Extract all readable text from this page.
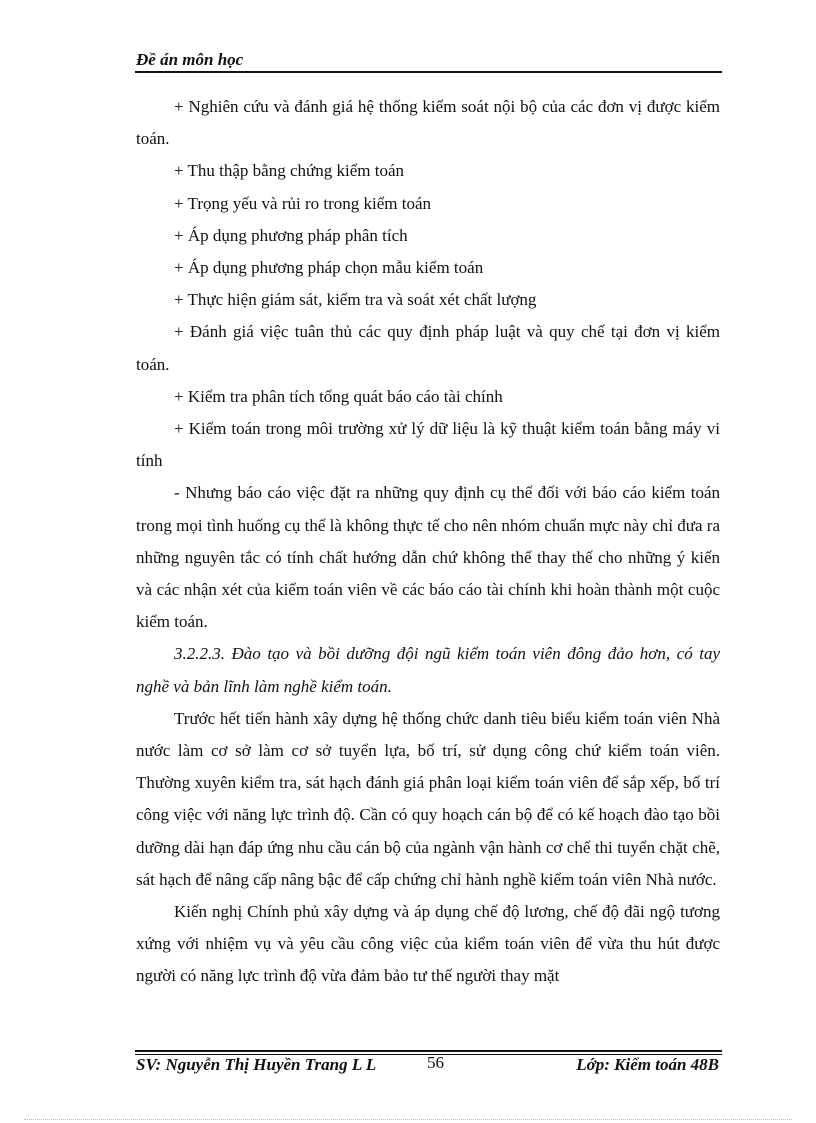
Đề án môn học

+ Nghiên cứu và đánh giá hệ thống kiểm soát nội bộ của các đơn vị được kiểm toán.

+ Thu thập bằng chứng kiểm toán

+ Trọng yếu và rủi ro trong kiểm toán

+ Áp dụng phương pháp phân tích

+ Áp dụng phương pháp chọn mẫu kiểm toán

+ Thực hiện giám sát, kiểm tra và soát xét chất lượng

+ Đánh giá việc tuân thủ các quy định pháp luật và quy chế tại đơn vị kiểm toán.

+ Kiểm tra phân tích tổng quát báo cáo tài chính

+ Kiểm toán trong môi trường xử lý dữ liệu là kỹ thuật kiểm toán bằng máy vi tính

- Nhưng báo cáo việc đặt ra những quy định cụ thể đối với báo cáo kiểm toán trong mọi tình huống cụ thể là không thực tế cho nên nhóm chuẩn mực này chỉ đưa ra những nguyên tắc có tính chất hướng dẫn chứ không thể thay thế cho những ý kiến và các nhận xét của kiểm toán viên về các báo cáo tài chính khi hoàn thành một cuộc kiểm toán.

3.2.2.3. Đào tạo và bồi dưỡng đội ngũ kiểm toán viên đông đảo hơn, có tay nghề và bản lĩnh làm nghề kiểm toán.

Trước hết tiến hành xây dựng hệ thống chức danh tiêu biểu kiểm toán viên Nhà nước làm cơ sở làm cơ sở tuyển lựa, bố trí, sử dụng công chứ kiểm toán viên. Thường xuyên kiểm tra, sát hạch đánh giá phân loại kiểm toán viên để sắp xếp, bố trí công việc với năng lực trình độ. Cần có quy hoạch cán bộ để có kế hoạch đào tạo bồi dưỡng dài hạn đáp ứng nhu cầu cán bộ của ngành vận hành cơ chế thi tuyển chặt chẽ, sát hạch để nâng cấp nâng bậc để cấp chứng chỉ hành nghề kiểm toán viên Nhà nước.

Kiến nghị Chính phủ xây dựng và áp dụng chế độ lương, chế độ đãi ngộ tương xứng với nhiệm vụ và yêu cầu công việc của kiểm toán viên để vừa thu hút được người có năng lực trình độ vừa đảm bảo tư thế người thay mặt

SV: Nguyễn Thị Huyền Trang L L	56	Lớp: Kiểm toán 48B
